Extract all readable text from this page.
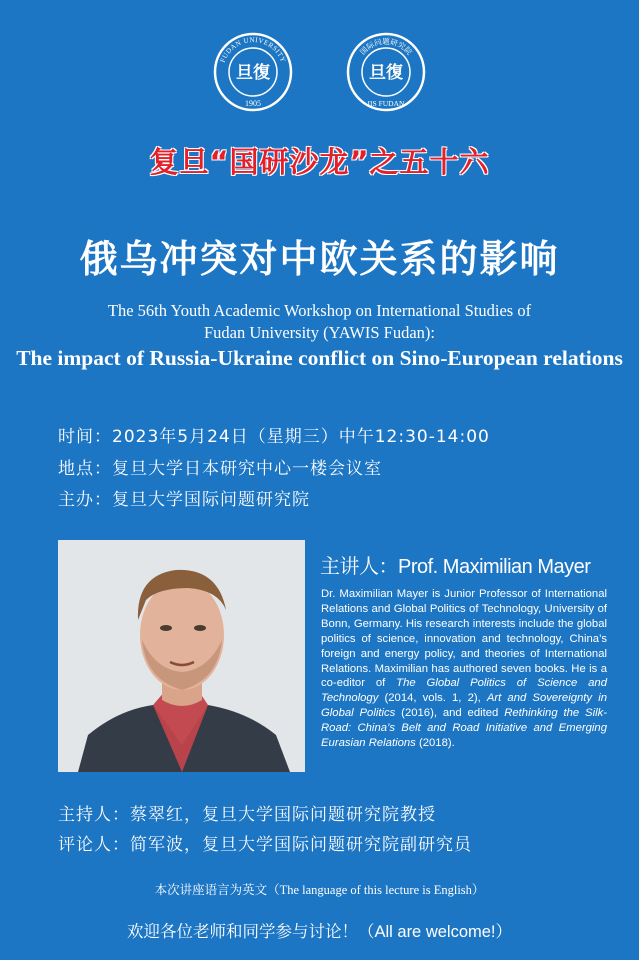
FUDAN UNIVERSITY
旦復
1905
国际问题研究院
旦復
IIS FUDAN
复旦“国研沙龙”之五十六
俄乌冲突对中欧关系的影响
The 56th Youth Academic Workshop on International Studies of
Fudan University (YAWIS Fudan):
The impact of Russia-Ukraine conflict on Sino-European relations
时间：2023年5月24日（星期三）中午12:30-14:00
地点：复旦大学日本研究中心一楼会议室
主办：复旦大学国际问题研究院
主讲人：Prof. Maximilian Mayer
Dr. Maximilian Mayer is Junior Professor of International Relations and Global Politics of Technology, University of Bonn, Germany. His research interests include the global politics of science, innovation and technology, China’s foreign and energy policy, and theories of International Relations. Maximilian has authored seven books. He is a co-editor of The Global Politics of Science and Technology (2014, vols. 1, 2), Art and Sovereignty in Global Politics (2016), and edited Rethinking the Silk-Road: China’s Belt and Road Initiative and Emerging Eurasian Relations (2018).
主持人：蔡翠红，复旦大学国际问题研究院教授
评论人：简军波，复旦大学国际问题研究院副研究员
本次讲座语言为英文（The language of this lecture is English）
欢迎各位老师和同学参与讨论！（All are welcome!）
